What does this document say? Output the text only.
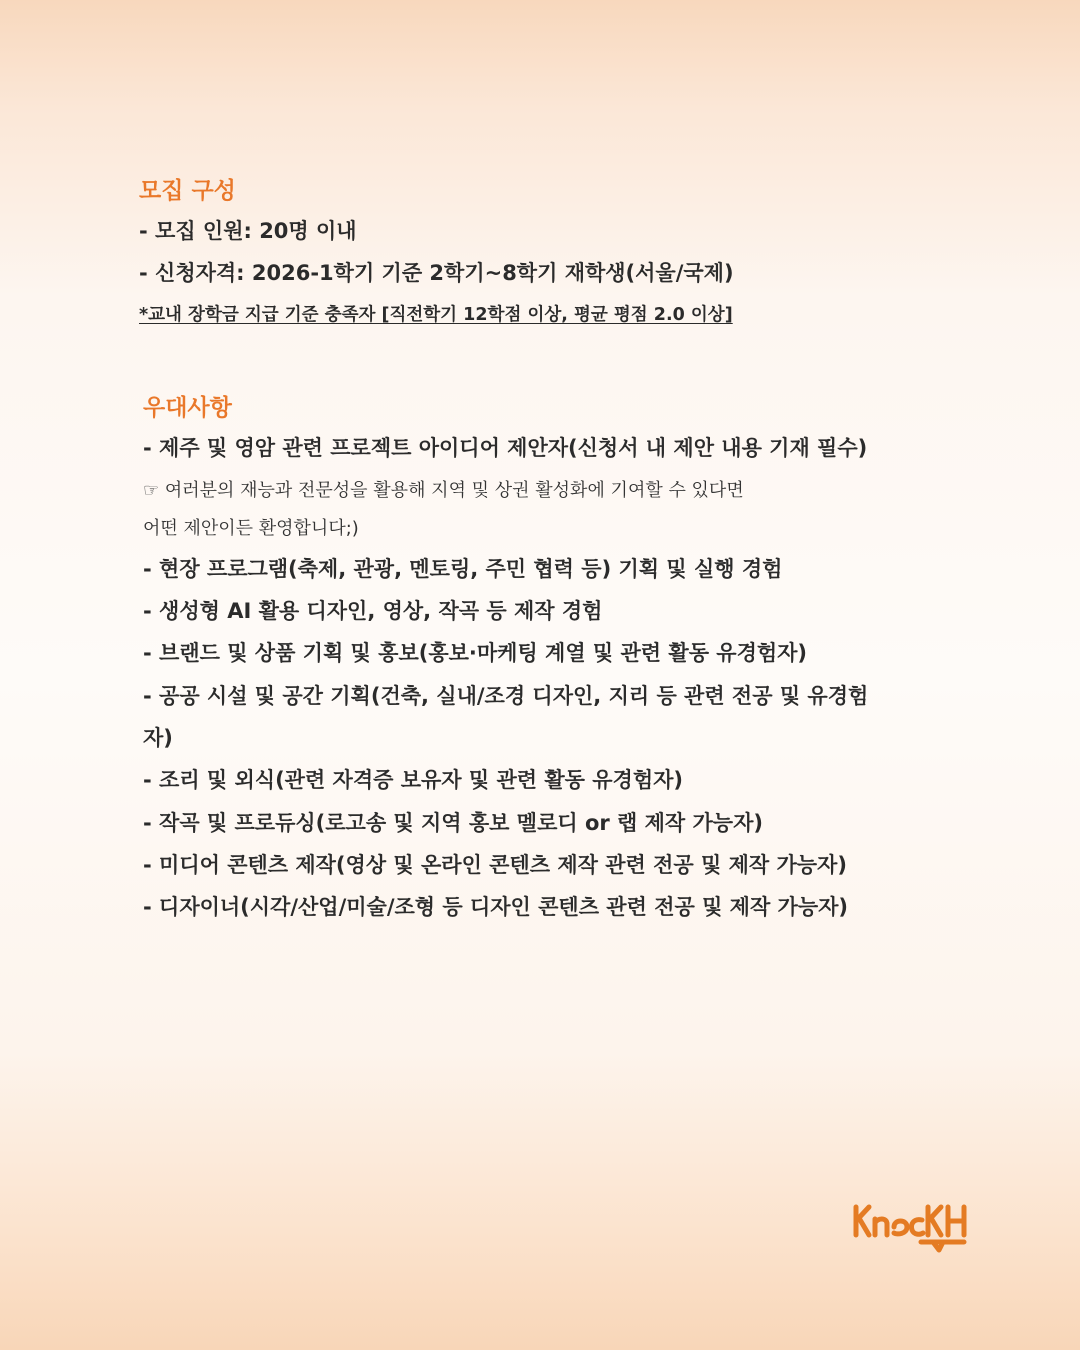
모집 구성
- 모집 인원: 20명 이내
- 신청자격: 2026-1학기 기준 2학기~8학기 재학생(서울/국제)
*교내 장학금 지급 기준 충족자 [직전학기 12학점 이상, 평균 평점 2.0 이상]
우대사항
- 제주 및 영암 관련 프로젝트 아이디어 제안자(신청서 내 제안 내용 기재 필수)
☞ 여러분의 재능과 전문성을 활용해 지역 및 상권 활성화에 기여할 수 있다면
어떤 제안이든 환영합니다;)
- 현장 프로그램(축제, 관광, 멘토링, 주민 협력 등) 기획 및 실행 경험
- 생성형 AI 활용 디자인, 영상, 작곡 등 제작 경험
- 브랜드 및 상품 기획 및 홍보(홍보·마케팅 계열 및 관련 활동 유경험자)
- 공공 시설 및 공간 기획(건축, 실내/조경 디자인, 지리 등 관련 전공 및 유경험
자)
- 조리 및 외식(관련 자격증 보유자 및 관련 활동 유경험자)
- 작곡 및 프로듀싱(로고송 및 지역 홍보 멜로디 or 랩 제작 가능자)
- 미디어 콘텐츠 제작(영상 및 온라인 콘텐츠 제작 관련 전공 및 제작 가능자)
- 디자이너(시각/산업/미술/조형 등 디자인 콘텐츠 관련 전공 및 제작 가능자)
